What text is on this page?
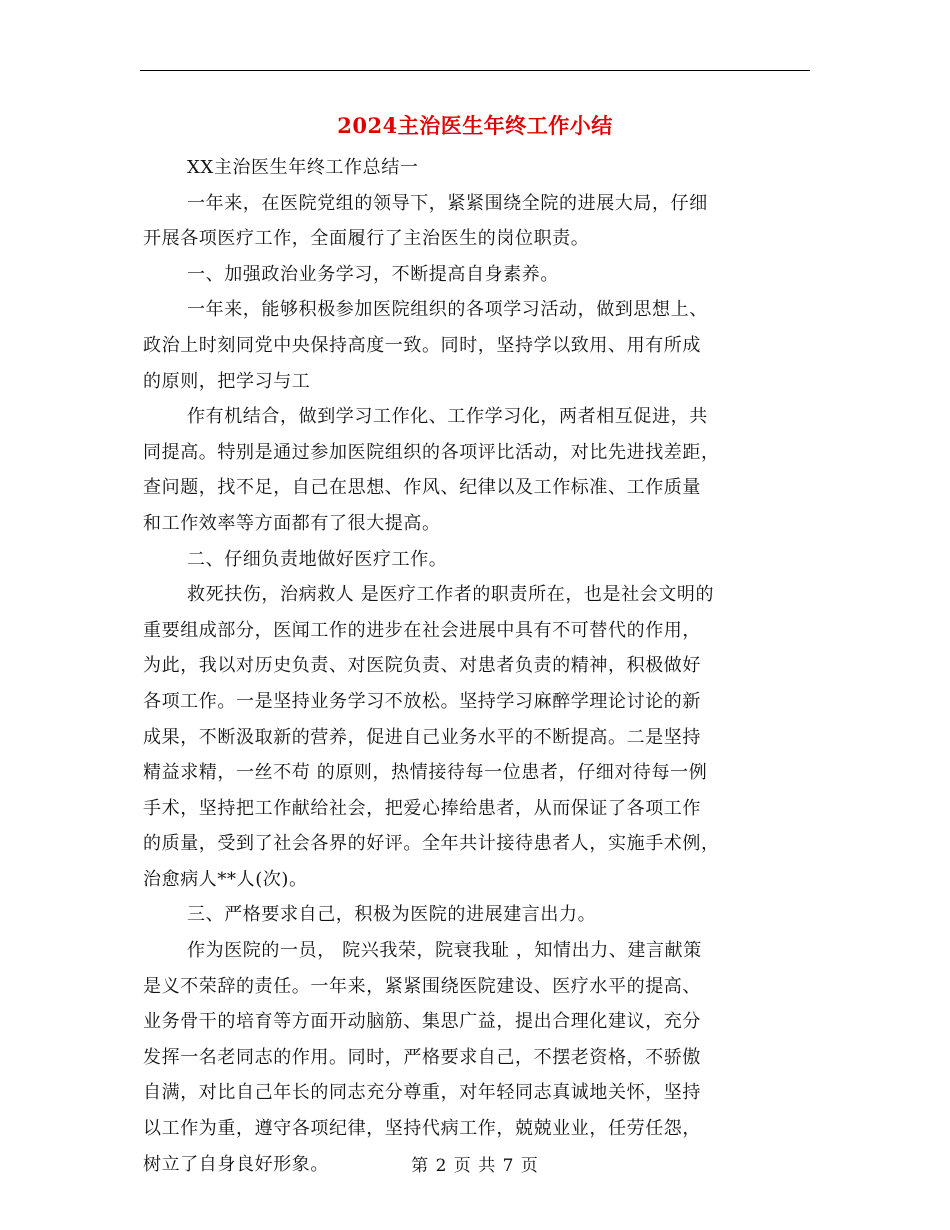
2024主治医生年终工作小结
XX主治医生年终工作总结一
一年来，在医院党组的领导下，紧紧围绕全院的进展大局，仔细
开展各项医疗工作，全面履行了主治医生的岗位职责。
一、加强政治业务学习，不断提高自身素养。
一年来，能够积极参加医院组织的各项学习活动，做到思想上、
政治上时刻同党中央保持高度一致。同时，坚持学以致用、用有所成
的原则，把学习与工
作有机结合，做到学习工作化、工作学习化，两者相互促进，共
同提高。特别是通过参加医院组织的各项评比活动，对比先进找差距，
查问题，找不足，自己在思想、作风、纪律以及工作标准、工作质量
和工作效率等方面都有了很大提高。
二、仔细负责地做好医疗工作。
救死扶伤，治病救人 是医疗工作者的职责所在，也是社会文明的
重要组成部分，医闻工作的进步在社会进展中具有不可替代的作用，
为此，我以对历史负责、对医院负责、对患者负责的精神，积极做好
各项工作。一是坚持业务学习不放松。坚持学习麻醉学理论讨论的新
成果，不断汲取新的营养，促进自己业务水平的不断提高。二是坚持
精益求精，一丝不苟 的原则，热情接待每一位患者，仔细对待每一例
手术，坚持把工作献给社会，把爱心捧给患者，从而保证了各项工作
的质量，受到了社会各界的好评。全年共计接待患者人，实施手术例，
治愈病人**人(次)。
三、严格要求自己，积极为医院的进展建言出力。
作为医院的一员， 院兴我荣，院衰我耻 ，知情出力、建言献策
是义不荣辞的责任。一年来，紧紧围绕医院建设、医疗水平的提高、
业务骨干的培育等方面开动脑筋、集思广益，提出合理化建议，充分
发挥一名老同志的作用。同时，严格要求自己，不摆老资格，不骄傲
自满，对比自己年长的同志充分尊重，对年轻同志真诚地关怀，坚持
以工作为重，遵守各项纪律，坚持代病工作，兢兢业业，任劳任怨，
树立了自身良好形象。	第 2 页 共 7 页
